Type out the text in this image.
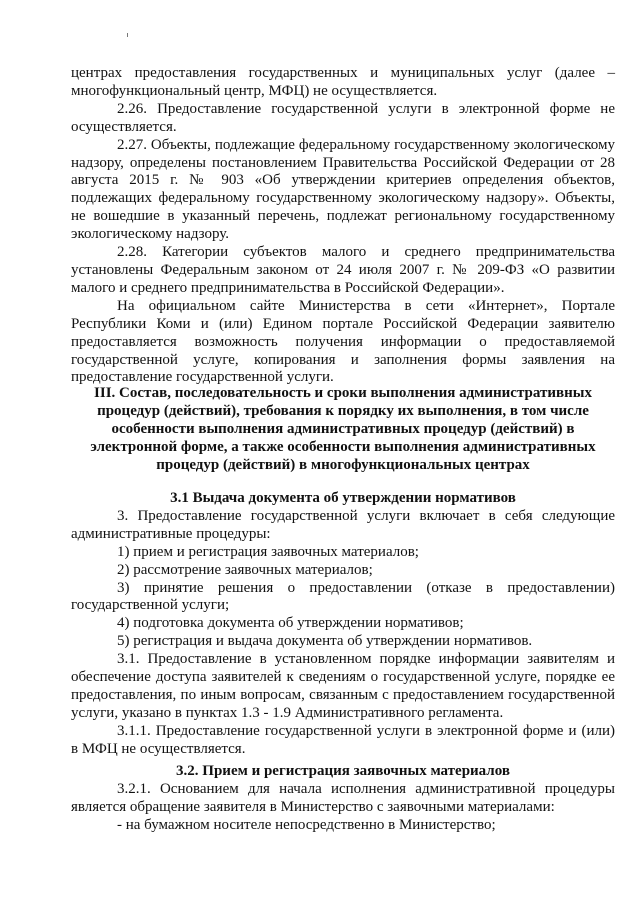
центрах предоставления государственных и муниципальных услуг (далее – многофункциональный центр, МФЦ) не осуществляется.

2.26. Предоставление государственной услуги в электронной форме не осуществляется.

2.27. Объекты, подлежащие федеральному государственному экологическому надзору, определены постановлением Правительства Российской Федерации от 28 августа 2015 г. № 903 «Об утверждении критериев определения объектов, подлежащих федеральному государственному экологическому надзору». Объекты, не вошедшие в указанный перечень, подлежат региональному государственному экологическому надзору.

2.28. Категории субъектов малого и среднего предпринимательства установлены Федеральным законом от 24 июля 2007 г. № 209-ФЗ «О развитии малого и среднего предпринимательства в Российской Федерации».

На официальном сайте Министерства в сети «Интернет», Портале Республики Коми и (или) Едином портале Российской Федерации заявителю предоставляется возможность получения информации о предоставляемой государственной услуге, копирования и заполнения формы заявления на предоставление государственной услуги.

III. Состав, последовательность и сроки выполнения административных процедур (действий), требования к порядку их выполнения, в том числе особенности выполнения административных процедур (действий) в электронной форме, а также особенности выполнения административных процедур (действий) в многофункциональных центрах

3.1 Выдача документа об утверждении нормативов

3. Предоставление государственной услуги включает в себя следующие административные процедуры:

1) прием и регистрация заявочных материалов;

2) рассмотрение заявочных материалов;

3) принятие решения о предоставлении (отказе в предоставлении) государственной услуги;

4) подготовка документа об утверждении нормативов;

5) регистрация и выдача документа об утверждении нормативов.

3.1. Предоставление в установленном порядке информации заявителям и обеспечение доступа заявителей к сведениям о государственной услуге, порядке ее предоставления, по иным вопросам, связанным с предоставлением государственной услуги, указано в пунктах 1.3 - 1.9 Административного регламента.

3.1.1. Предоставление государственной услуги в электронной форме и (или) в МФЦ не осуществляется.

3.2. Прием и регистрация заявочных материалов

3.2.1. Основанием для начала исполнения административной процедуры является обращение заявителя в Министерство с заявочными материалами:

- на бумажном носителе непосредственно в Министерство;
